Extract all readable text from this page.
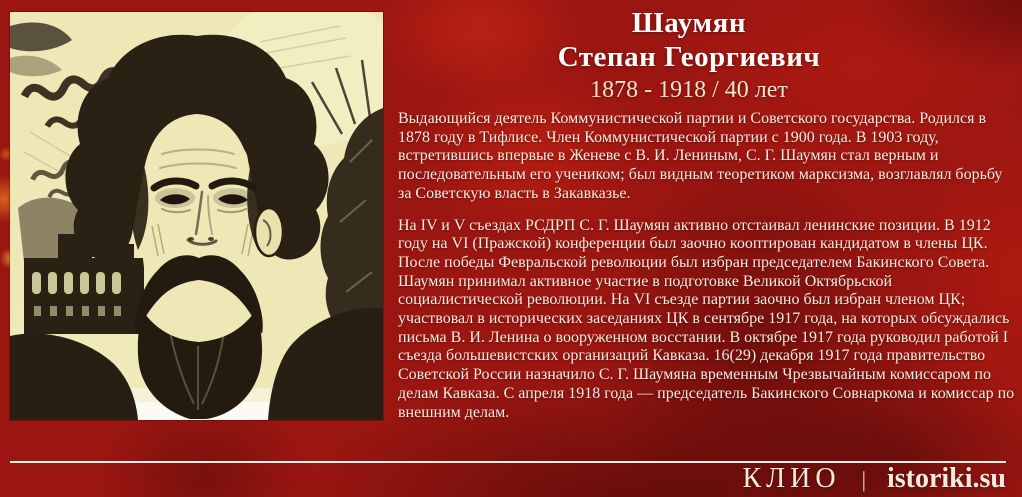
Шаумян
Степан Георгиевич
1878 - 1918 / 40 лет

Выдающийся деятель Коммунистической партии и Советского государства. Родился в 1878 году в Тифлисе. Член Коммунистической партии с 1900 года. В 1903 году, встретившись впервые в Женеве с В. И. Лениным, С. Г. Шаумян стал верным и последовательным его учеником; был видным теоретиком марксизма, возглавлял борьбу за Советскую власть в Закавказье.

На IV и V съездах РСДРП С. Г. Шаумян активно отстаивал ленинские позиции. В 1912 году на VI (Пражской) конференции был заочно кооптирован кандидатом в члены ЦК. После победы Февральской революции был избран председателем Бакинского Совета. Шаумян принимал активное участие в подготовке Великой Октябрьской социалистической революции. На VI съезде партии заочно был избран членом ЦК; участвовал в исторических заседаниях ЦК в сентябре 1917 года, на которых обсуждались письма В. И. Ленина о вооруженном восстании. В октябре 1917 года руководил работой I съезда большевистских организаций Кавказа. 16(29) декабря 1917 года правительство Советской России назначило С. Г. Шаумяна временным Чрезвычайным комиссаром по делам Кавказа. С апреля 1918 года — председатель Бакинского Совнаркома и комиссар по внешним делам.

КЛИО | istoriki.su
